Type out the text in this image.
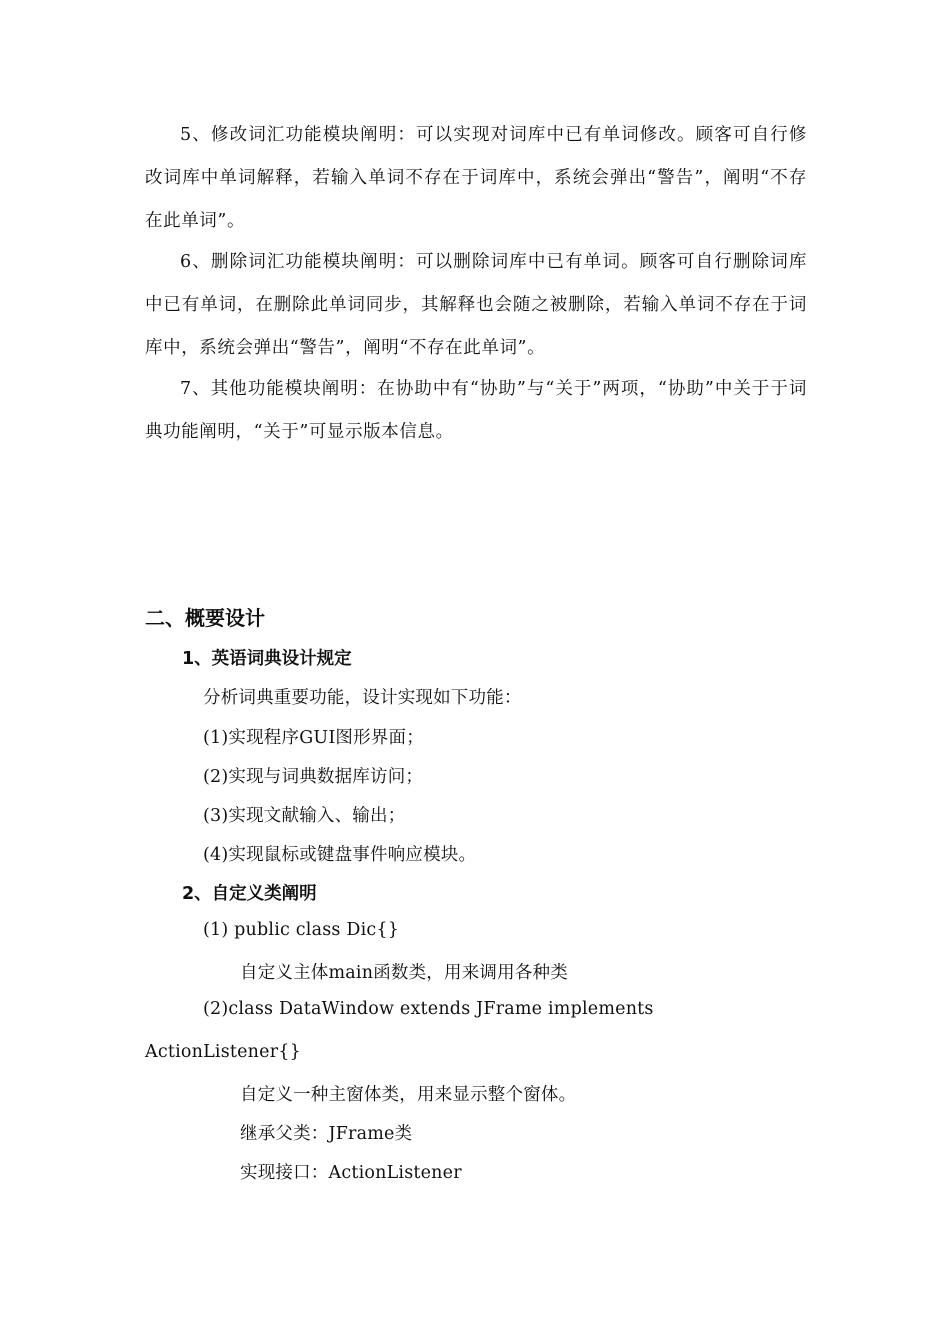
5、修改词汇功能模块阐明：可以实现对词库中已有单词修改。顾客可自行修改词库中单词解释，若输入单词不存在于词库中，系统会弹出“警告”，阐明“不存在此单词”。
6、删除词汇功能模块阐明：可以删除词库中已有单词。顾客可自行删除词库中已有单词，在删除此单词同步，其解释也会随之被删除，若输入单词不存在于词库中，系统会弹出“警告”，阐明“不存在此单词”。
7、其他功能模块阐明：在协助中有“协助”与“关于”两项，“协助”中关于于词典功能阐明，“关于”可显示版本信息。
二、概要设计
1、英语词典设计规定
分析词典重要功能，设计实现如下功能：
(1)实现程序GUI图形界面；
(2)实现与词典数据库访问；
(3)实现文献输入、输出；
(4)实现鼠标或键盘事件响应模块。
2、自定义类阐明
(1) public class Dic{}
自定义主体main函数类，用来调用各种类
(2)class DataWindow extends JFrame implements
ActionListener{}
自定义一种主窗体类，用来显示整个窗体。
继承父类：JFrame类
实现接口：ActionListener
